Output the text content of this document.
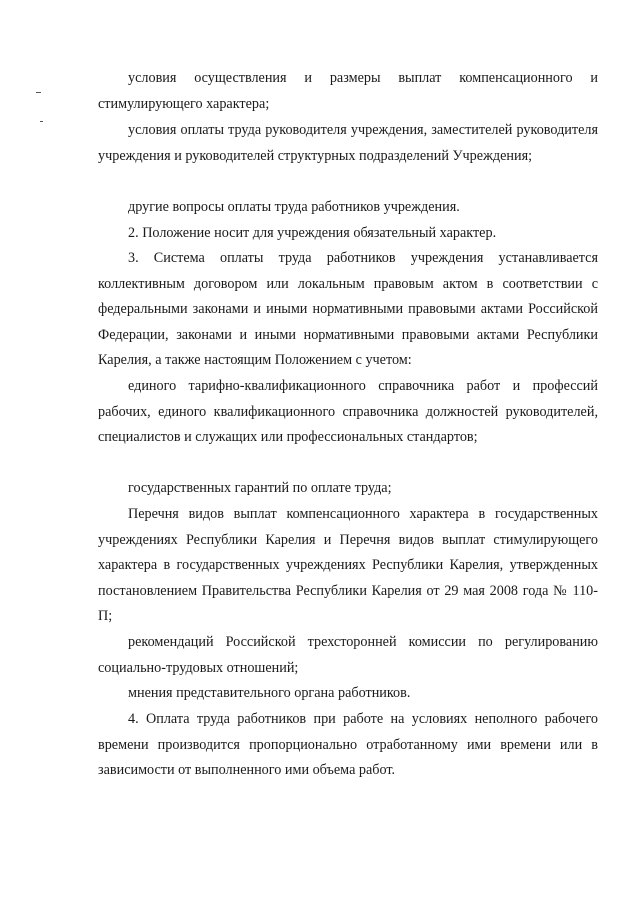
условия осуществления и размеры выплат компенсационного и стимулирующего характера;

условия оплаты труда руководителя учреждения, заместителей руководителя учреждения и руководителей структурных подразделений Учреждения;

другие вопросы оплаты труда работников учреждения.

2. Положение носит для учреждения обязательный характер.

3. Система оплаты труда работников учреждения устанавливается коллективным договором или локальным правовым актом в соответствии с федеральными законами и иными нормативными правовыми актами Российской Федерации, законами и иными нормативными правовыми актами Республики Карелия, а также настоящим Положением с учетом:

единого тарифно-квалификационного справочника работ и профессий рабочих, единого квалификационного справочника должностей руководителей, специалистов и служащих или профессиональных стандартов;

государственных гарантий по оплате труда;

Перечня видов выплат компенсационного характера в государственных учреждениях Республики Карелия и Перечня видов выплат стимулирующего характера в государственных учреждениях Республики Карелия, утвержденных постановлением Правительства Республики Карелия от 29 мая 2008 года № 110-П;

рекомендаций Российской трехсторонней комиссии по регулированию социально-трудовых отношений;

мнения представительного органа работников.

4. Оплата труда работников при работе на условиях неполного рабочего времени производится пропорционально отработанному ими времени или в зависимости от выполненного ими объема работ.
